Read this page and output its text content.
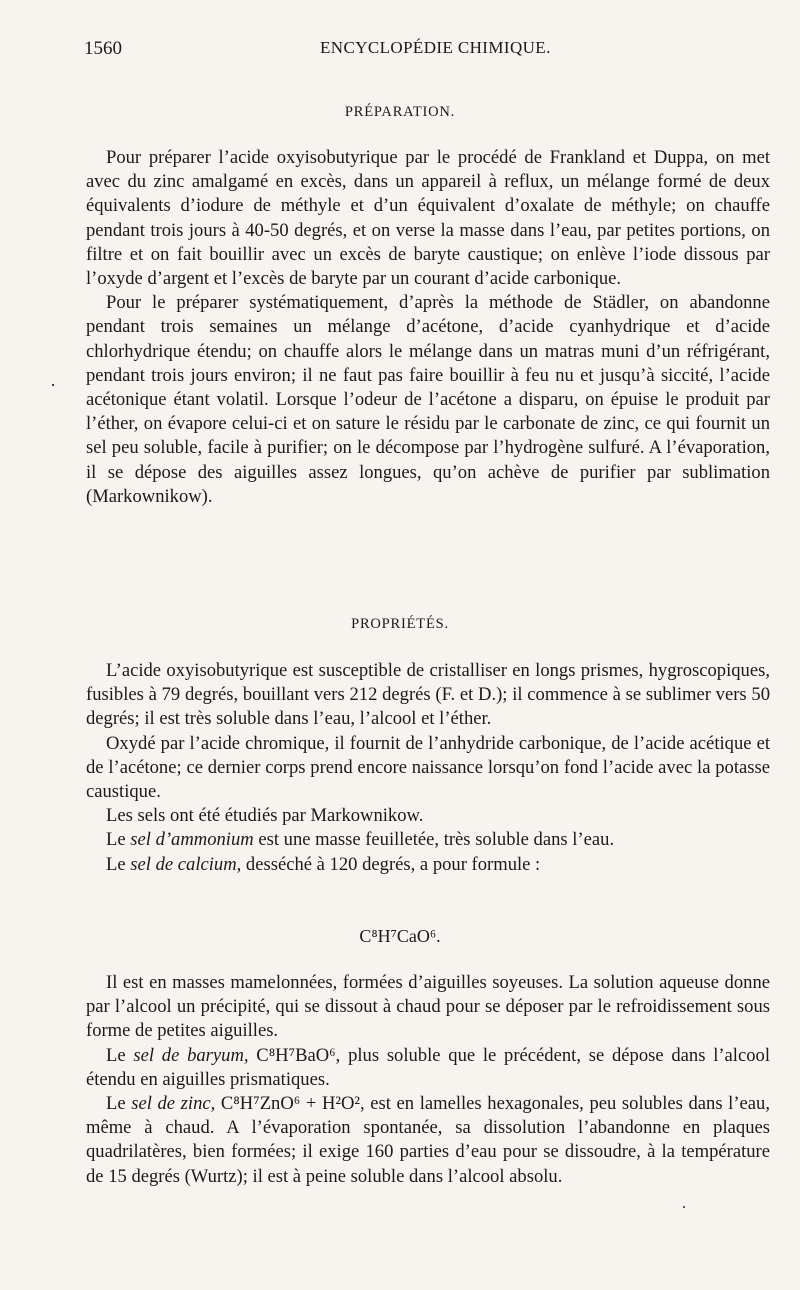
1560	ENCYCLOPÉDIE CHIMIQUE.
PRÉPARATION.

Pour préparer l’acide oxyisobutyrique par le procédé de Frankland et Duppa, on met avec du zinc amalgamé en excès, dans un appareil à reflux, un mélange formé de deux équivalents d’iodure de méthyle et d’un équivalent d’oxalate de méthyle; on chauffe pendant trois jours à 40-50 degrés, et on verse la masse dans l’eau, par petites portions, on filtre et on fait bouillir avec un excès de baryte caustique; on enlève l’iode dissous par l’oxyde d’argent et l’excès de baryte par un courant d’acide carbonique.

Pour le préparer systématiquement, d’après la méthode de Städler, on abandonne pendant trois semaines un mélange d’acétone, d’acide cyanhydrique et d’acide chlorhydrique étendu; on chauffe alors le mélange dans un matras muni d’un réfrigérant, pendant trois jours environ; il ne faut pas faire bouillir à feu nu et jusqu’à siccité, l’acide acétonique étant volatil. Lorsque l’odeur de l’acétone a disparu, on épuise le produit par l’éther, on évapore celui-ci et on sature le résidu par le carbonate de zinc, ce qui fournit un sel peu soluble, facile à purifier; on le décompose par l’hydrogène sulfuré. A l’évaporation, il se dépose des aiguilles assez longues, qu’on achève de purifier par sublimation (Markownikow).

·
PROPRIÉTÉS.

L’acide oxyisobutyrique est susceptible de cristalliser en longs prismes, hygroscopiques, fusibles à 79 degrés, bouillant vers 212 degrés (F. et D.); il commence à se sublimer vers 50 degrés; il est très soluble dans l’eau, l’alcool et l’éther.

Oxydé par l’acide chromique, il fournit de l’anhydride carbonique, de l’acide acétique et de l’acétone; ce dernier corps prend encore naissance lorsqu’on fond l’acide avec la potasse caustique.

Les sels ont été étudiés par Markownikow.

Le sel d’ammonium est une masse feuilletée, très soluble dans l’eau.

Le sel de calcium, desséché à 120 degrés, a pour formule :

C⁸H⁷CaO⁶.

Il est en masses mamelonnées, formées d’aiguilles soyeuses. La solution aqueuse donne par l’alcool un précipité, qui se dissout à chaud pour se déposer par le refroidissement sous forme de petites aiguilles.

Le sel de baryum, C⁸H⁷BaO⁶, plus soluble que le précédent, se dépose dans l’alcool étendu en aiguilles prismatiques.

Le sel de zinc, C⁸H⁷ZnO⁶ + H²O², est en lamelles hexagonales, peu solubles dans l’eau, même à chaud. A l’évaporation spontanée, sa dissolution l’abandonne en plaques quadrilatères, bien formées; il exige 160 parties d’eau pour se dissoudre, à la température de 15 degrés (Wurtz); il est à peine soluble dans l’alcool absolu.

.
